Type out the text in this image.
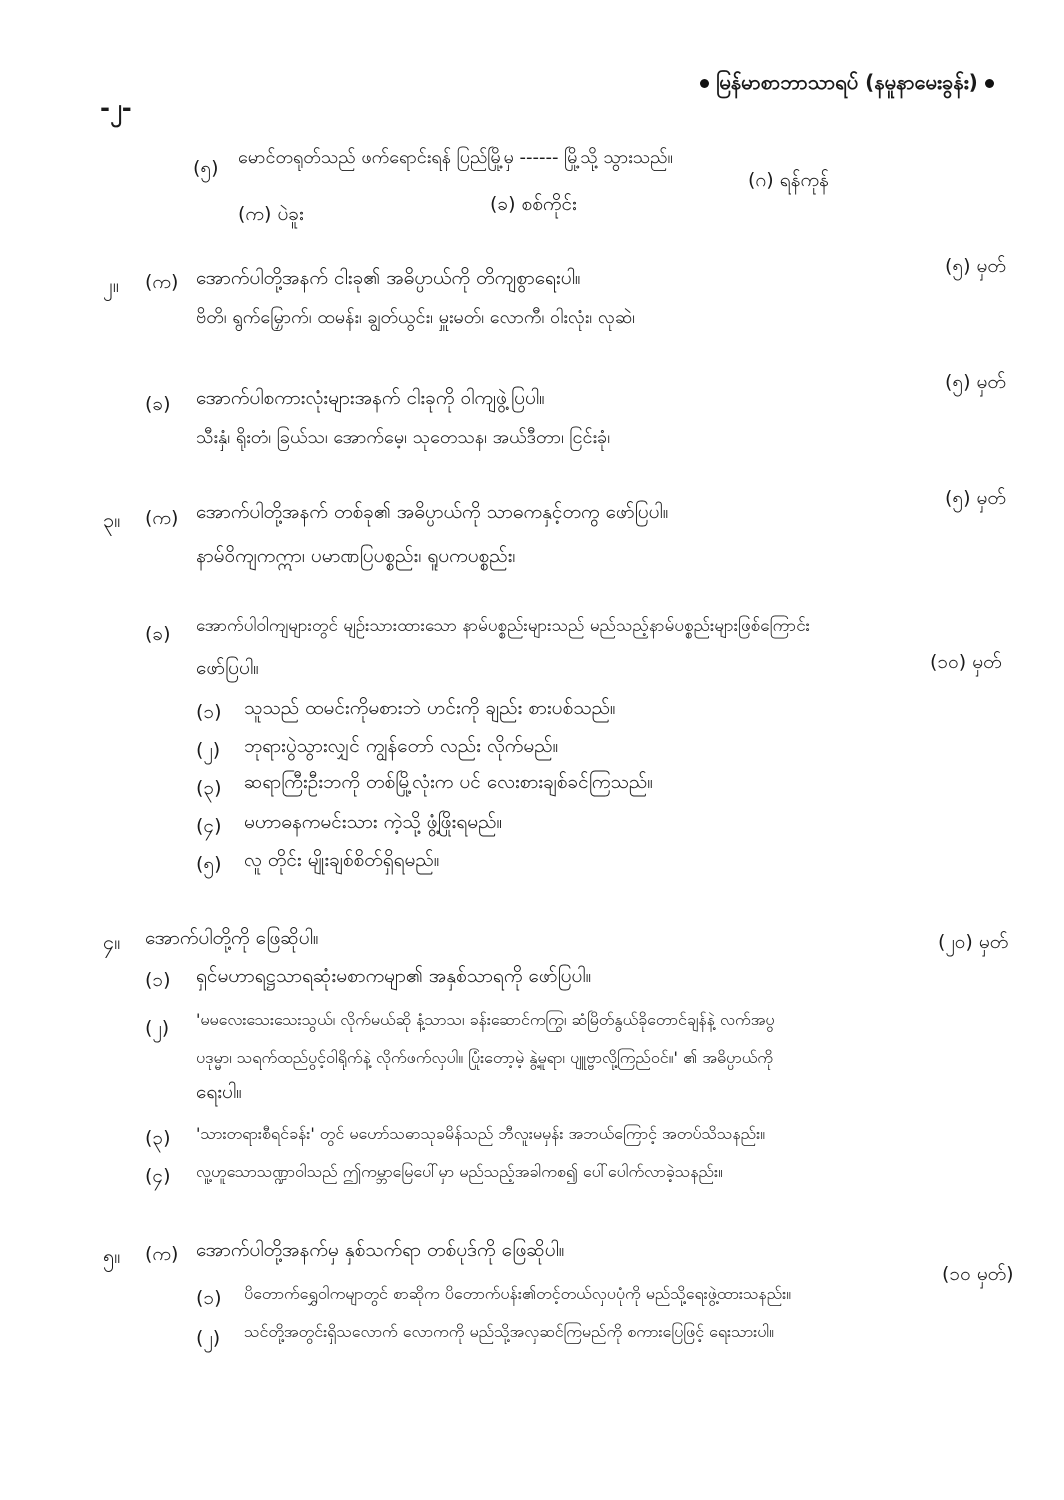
မြန်မာစာဘာသာရပ် (နမူနာမေးခွန်း)
-၂-
(၅) မောင်တရုတ်သည် ဖက်ရောင်းရန် ပြည်မြို့မှ ------ မြို့သို့ သွားသည်။
(က) ပဲခူး	(ခ) စစ်ကိုင်း
(ဂ) ရန်ကုန်
၂။ (က) အောက်ပါတို့အနက် ငါးခု၏ အဓိပ္ပာယ်ကို တိကျစွာရေးပါ။
(၅) မှတ်
ဗိတိ၊ ရွက်မြှောက်၊ ထမန်း၊ ချွတ်ယွင်း၊ မှူးမတ်၊ လောကီ၊ ဝါးလုံး၊ လုဆဲ၊
(ခ) အောက်ပါစကားလုံးများအနက် ငါးခုကို ဝါကျဖွဲ့ပြပါ။
(၅) မှတ်
သီးနှံ၊ ရိုးတံ၊ ခြယ်သ၊ အောက်မေ့၊ သုတေသန၊ အယ်ဒီတာ၊ ငြင်းခုံ၊
၃။ (က) အောက်ပါတို့အနက် တစ်ခု၏ အဓိပ္ပာယ်ကို သာဓကနှင့်တကွ ဖော်ပြပါ။
(၅) မှတ်
နာမ်ဝိကျကဣာ၊ ပမာဏပြပစ္စည်း၊ ရူပကပစ္စည်း၊
(ခ) အောက်ပါဝါကျများတွင် မျဉ်းသားထားသော နာမ်ပစ္စည်းများသည် မည်သည့်နာမ်ပစ္စည်းများဖြစ်ကြောင်း
ဖော်ပြပါ။	(၁၀) မှတ်
(၁) သူသည် ထမင်းကိုမစားဘဲ ဟင်းကို ချည်း စားပစ်သည်။
(၂) ဘုရားပွဲသွားလျှင် ကျွန်တော် လည်း လိုက်မည်။
(၃) ဆရာကြီးဦးဘကို တစ်မြို့လုံးက ပင် လေးစားချစ်ခင်ကြသည်။
(၄) မဟာဓနကမင်းသား ကဲ့သို့ ဖွံ့ဖြိုးရမည်။
(၅) လူ တိုင်း မျိုးချစ်စိတ်ရှိရမည်။
၄။ အောက်ပါတို့ကို ဖြေဆိုပါ။	(၂၀) မှတ်
(၁) ရှင်မဟာရဋ္ဌသာရဆုံးမစာကမျာ၏ အနှစ်သာရကို ဖော်ပြပါ။
(၂) 'မမလေးသေးသေးသွယ်၊ လိုက်မယ်ဆို နံ့သာသ၊ ခန်းဆောင်ကကြွ၊ ဆံမြိတ်နွယ်ခိုတောင်ချန်နဲ့ လက်အပွ
ပဒုမ္မာ၊ သရက်ထည်ပွင့်ဝါရိုက်နဲ့ လိုက်ဖက်လှပါ။ ပြုံးတော့မဲ့ နွဲ့မူရာ၊ ပျူဗ္ဗာလို့ကြည်ဝင်။' ၏ အဓိပ္ပာယ်ကို
ရေးပါ။
(၃) 'သားတရားစီရင်ခန်း' တွင် မဟော်သဓာသုခမိန်သည် ဘီလူးမမှန်း အဘယ်ကြောင့် အတပ်သိသနည်း။
(၄) လူ့ဟူသောသဏ္ဍာဝါသည် ဤကမ္ဘာမြေပေါ်မှာ မည်သည့်အခါကစ၍ ပေါ်ပေါက်လာခဲ့သနည်း။
၅။ (က) အောက်ပါတို့အနက်မှ နှစ်သက်ရာ တစ်ပုဒ်ကို ဖြေဆိုပါ။
(၁၀ မှတ်)
(၁) ပိတောက်ရွှေဝါကမျာတွင် စာဆိုက ပိတောက်ပန်း၏တင့်တယ်လှပပုံကို မည်သို့ရေးဖွဲ့ထားသနည်း။
(၂) သင်တို့အတွင်းရှိသလောက် လောကကို မည်သို့အလှဆင်ကြမည်ကို စကားပြေဖြင့် ရေးသားပါ။
